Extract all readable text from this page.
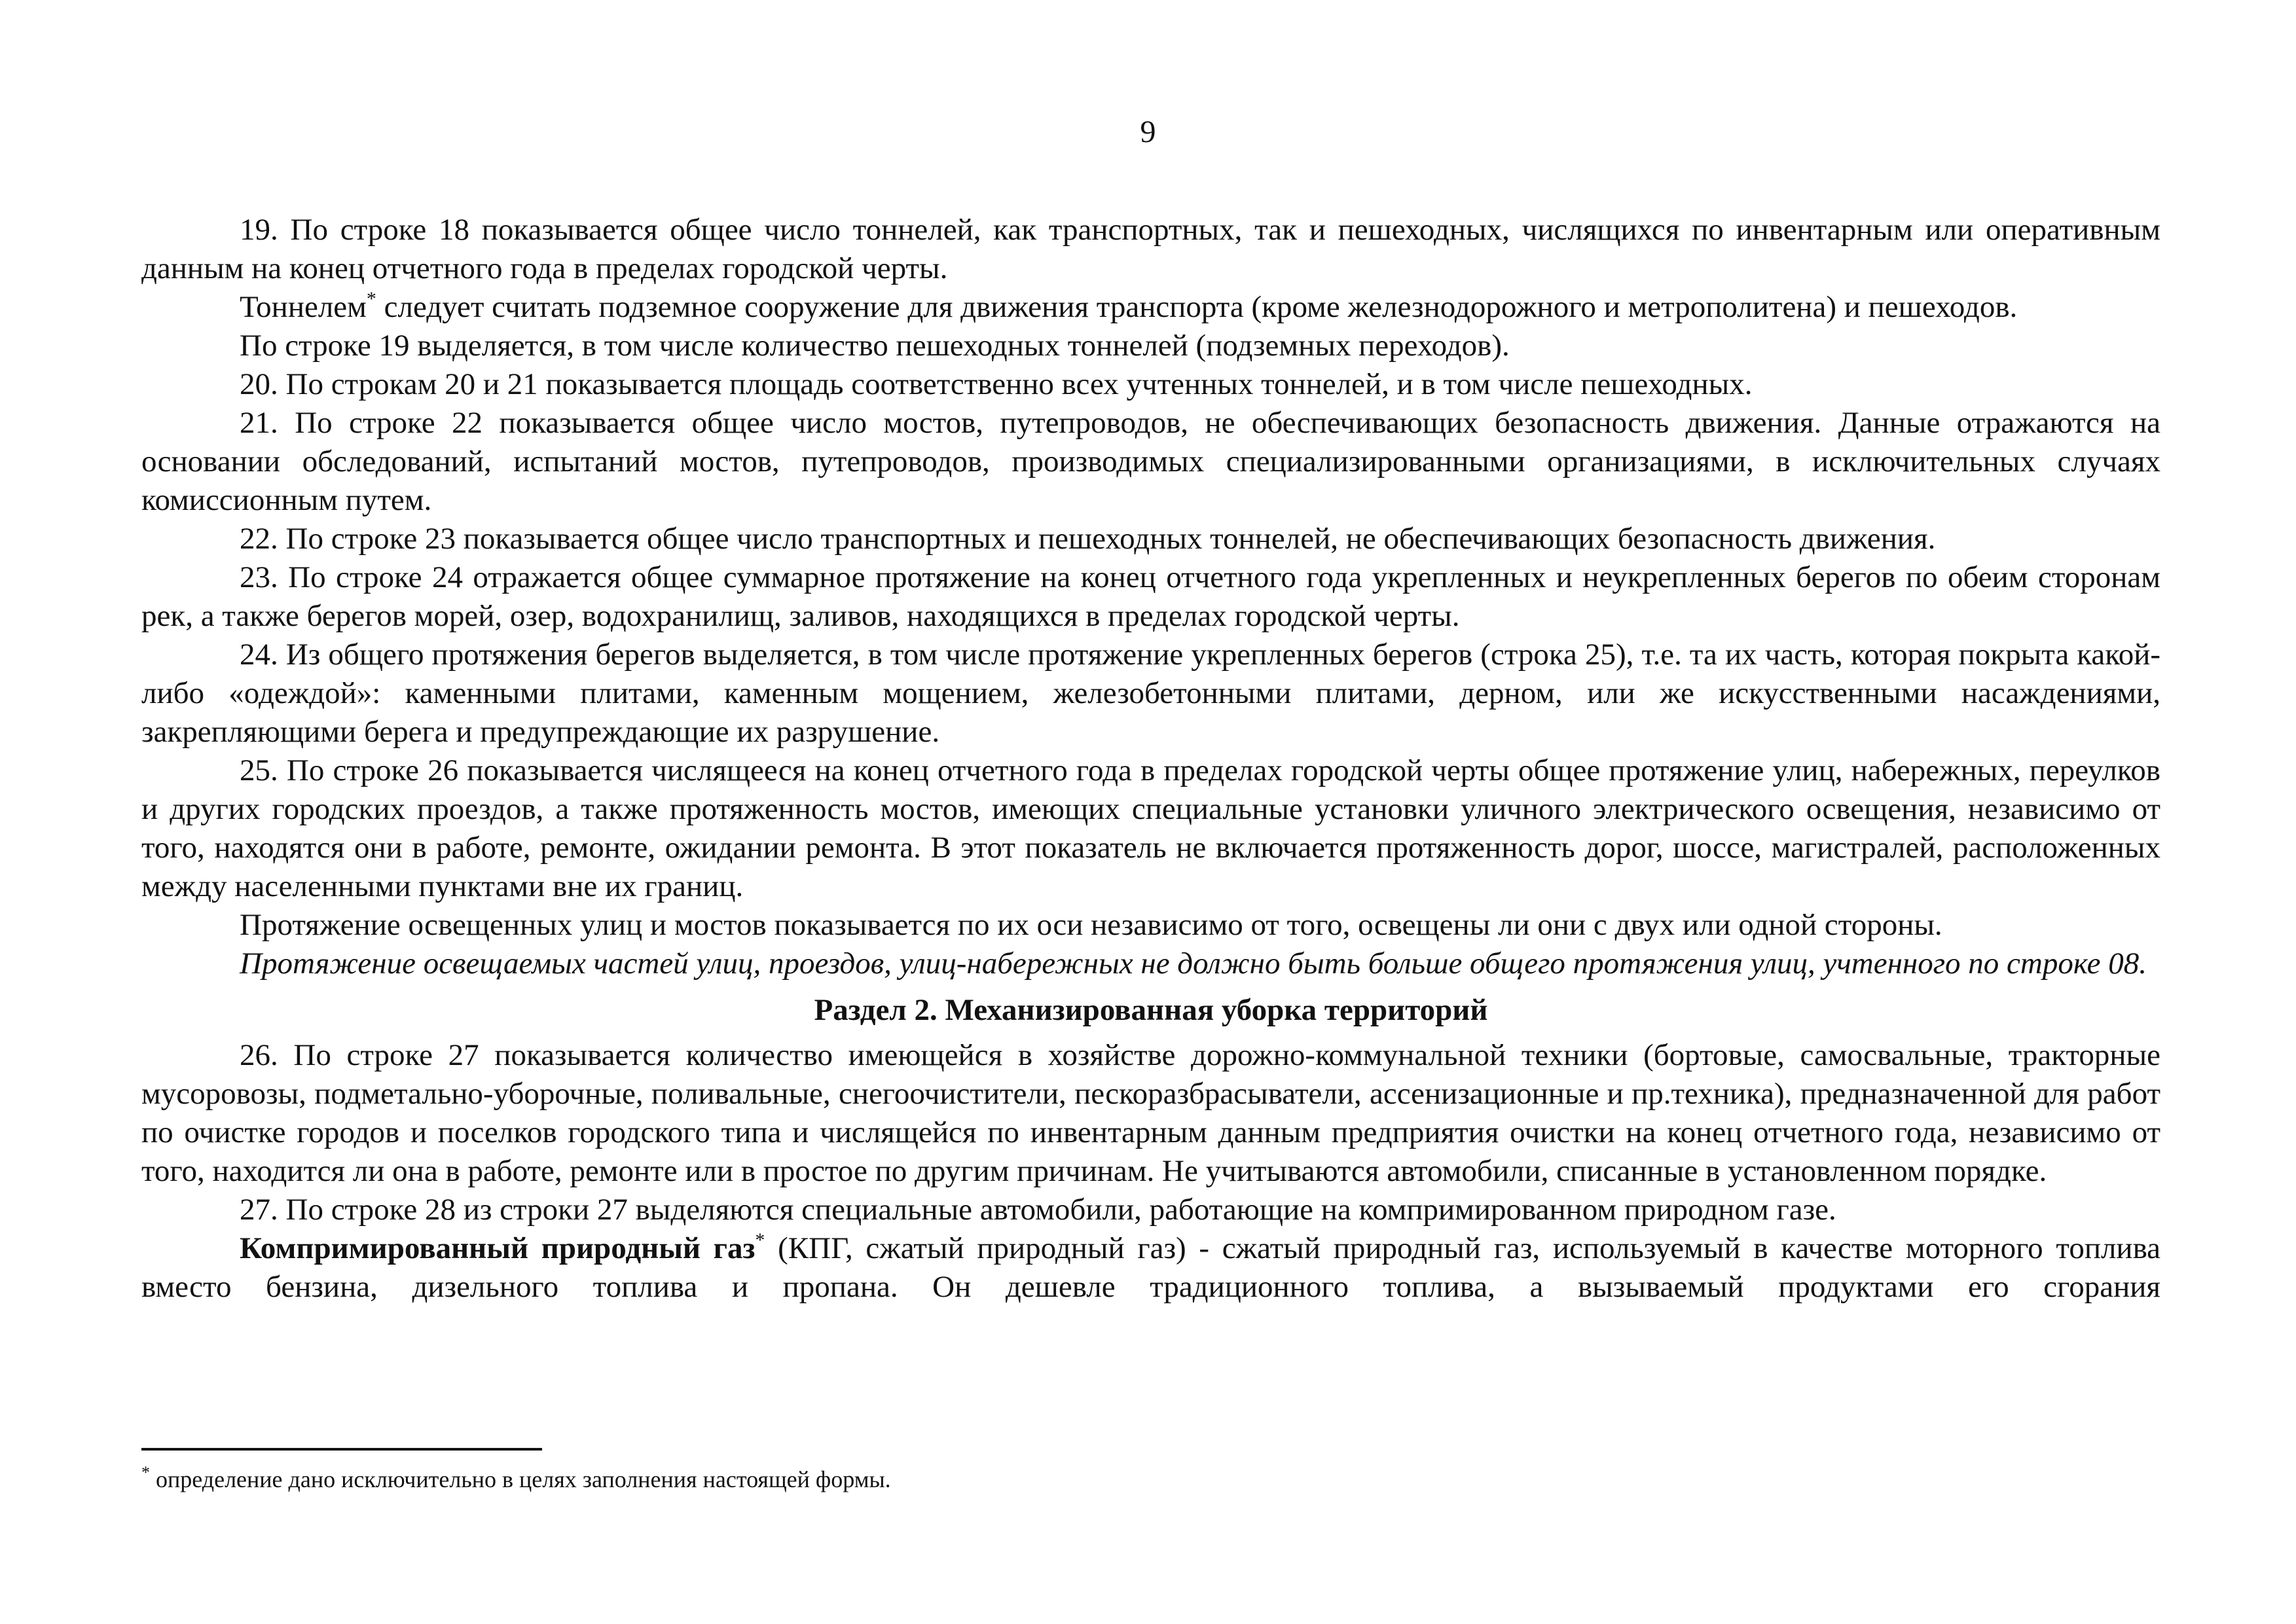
9

19. По строке 18 показывается общее число тоннелей, как транспортных, так и пешеходных, числящихся по инвентарным или оперативным данным на конец отчетного года в пределах городской черты.

Тоннелем* следует считать подземное сооружение для движения транспорта (кроме железнодорожного и метрополитена) и пешеходов.

По строке 19 выделяется, в том числе количество пешеходных тоннелей (подземных переходов).

20. По строкам 20 и 21 показывается площадь соответственно всех учтенных тоннелей, и в том числе пешеходных.

21. По строке 22 показывается общее число мостов, путепроводов, не обеспечивающих безопасность движения. Данные отражаются на основании обследований, испытаний мостов, путепроводов, производимых специализированными организациями, в исключительных случаях комиссионным путем.

22. По строке 23 показывается общее число транспортных и пешеходных тоннелей, не обеспечивающих безопасность движения.

23. По строке 24 отражается общее суммарное протяжение на конец отчетного года укрепленных и неукрепленных берегов по обеим сторонам рек, а также берегов морей, озер, водохранилищ, заливов, находящихся в пределах городской черты.

24. Из общего протяжения берегов выделяется, в том числе протяжение укрепленных берегов (строка 25), т.е. та их часть, которая покрыта какой-либо «одеждой»: каменными плитами, каменным мощением, железобетонными плитами, дерном, или же искусственными насаждениями, закрепляющими берега и предупреждающие их разрушение.

25. По строке 26 показывается числящееся на конец отчетного года в пределах городской черты общее протяжение улиц, набережных, переулков и других городских проездов, а также протяженность мостов, имеющих специальные установки уличного электрического освещения, независимо от того, находятся они в работе, ремонте, ожидании ремонта. В этот показатель не включается протяженность дорог, шоссе, магистралей, расположенных между населенными пунктами вне их границ.

Протяжение освещенных улиц и мостов показывается по их оси независимо от того, освещены ли они с двух или одной стороны.

Протяжение освещаемых частей улиц, проездов, улиц-набережных не должно быть больше общего протяжения улиц, учтенного по строке 08.

Раздел 2. Механизированная уборка территорий

26. По строке 27 показывается количество имеющейся в хозяйстве дорожно-коммунальной техники (бортовые, самосвальные, тракторные мусоровозы, подметально-уборочные, поливальные, снегоочистители, пескоразбрасыватели, ассенизационные и пр.техника), предназначенной для работ по очистке городов и поселков городского типа и числящейся по инвентарным данным предприятия очистки на конец отчетного года, независимо от того, находится ли она в работе, ремонте или в простое по другим причинам. Не учитываются автомобили, списанные в установленном порядке.

27. По строке 28 из строки 27 выделяются специальные автомобили, работающие на компримированном природном газе.

Компримированный природный газ* (КПГ, сжатый природный газ) - сжатый природный газ, используемый в качестве моторного топлива вместо бензина, дизельного топлива и пропана. Он дешевле традиционного топлива, а вызываемый продуктами его сгорания

* определение дано исключительно в целях заполнения настоящей формы.
